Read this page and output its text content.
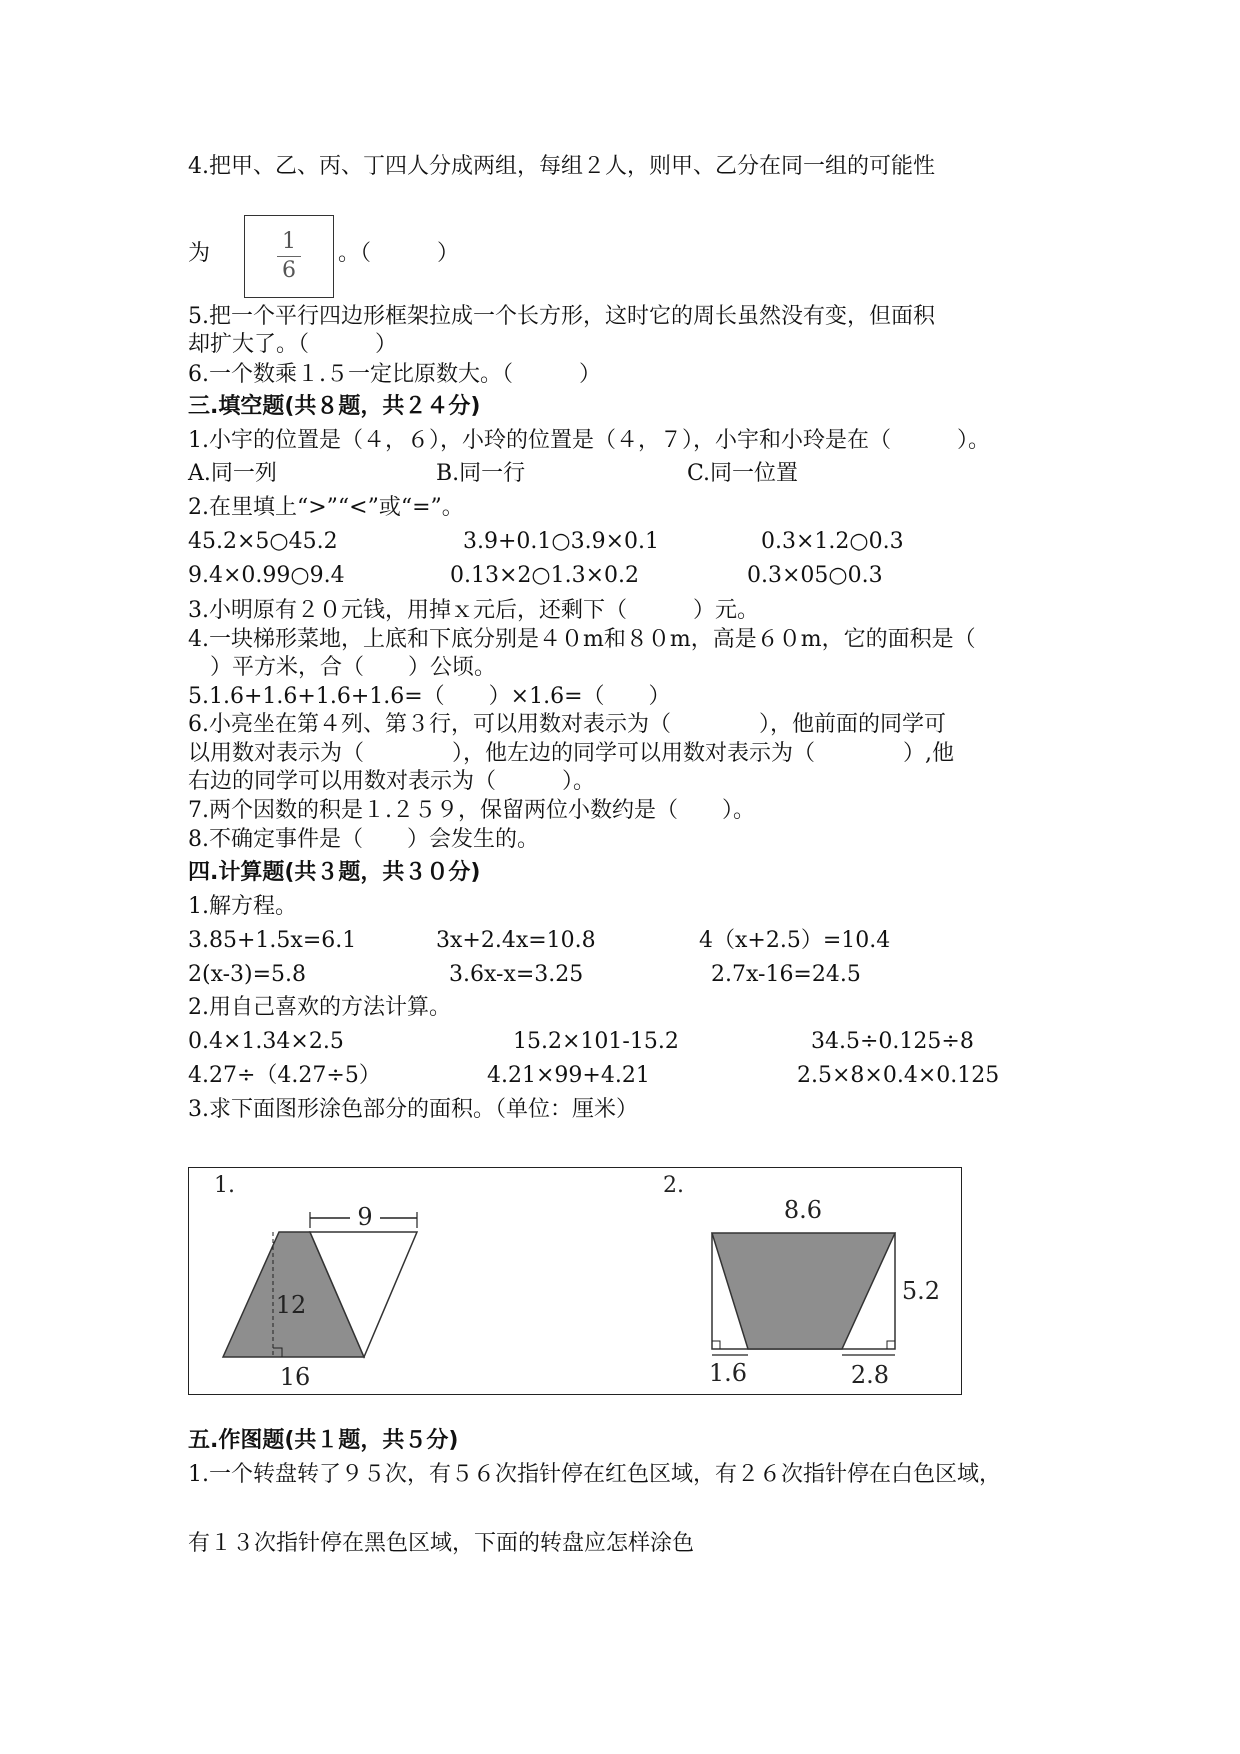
4.把甲、乙、丙、丁四人分成两组，每组２人，则甲、乙分在同一组的可能性
为	1
6
。（　　　）
5.把一个平行四边形框架拉成一个长方形，这时它的周长虽然没有变，但面积
却扩大了。（　　　）
6.一个数乘１.５一定比原数大。（　　　）
三.填空题(共８题，共２４分)
1.小宇的位置是（４，６），小玲的位置是（４，７），小宇和小玲是在（　　　）。
A.同一列	B.同一行	C.同一位置
2.在里填上“>”“<”或“=”。
45.2×5○45.2	3.9+0.1○3.9×0.1	0.3×1.2○0.3
9.4×0.99○9.4	0.13×2○1.3×0.2	0.3×05○0.3
3.小明原有２０元钱，用掉ｘ元后，还剩下（　　　）元。
4.一块梯形菜地，上底和下底分别是４０m和８０m，高是６０m，它的面积是（
　）平方米，合（　　）公顷。
5.1.6+1.6+1.6+1.6=（　　）×1.6=（　　）
6.小亮坐在第４列、第３行，可以用数对表示为（　　　　），他前面的同学可
以用数对表示为（　　　　），他左边的同学可以用数对表示为（　　　　）,他
右边的同学可以用数对表示为（　　　）。
7.两个因数的积是１.２５９，保留两位小数约是（　　）。
8.不确定事件是（　　）会发生的。
四.计算题(共３题，共３０分)
1.解方程。
3.85+1.5x=6.1	3x+2.4x=10.8	4（x+2.5）=10.4
2(x-3)=5.8	3.6x-x=3.25	2.7x-16=24.5
2.用自己喜欢的方法计算。
0.4×1.34×2.5	15.2×101-15.2	34.5÷0.125÷8
4.27÷（4.27÷5）	4.21×99+4.21	2.5×8×0.4×0.125
3.求下面图形涂色部分的面积。（单位：厘米）
1.
9
12
16
2.
8.6
5.2
1.6	2.8
五.作图题(共１题，共５分)
1.一个转盘转了９５次，有５６次指针停在红色区域，有２６次指针停在白色区域，
有１３次指针停在黑色区域，下面的转盘应怎样涂色
